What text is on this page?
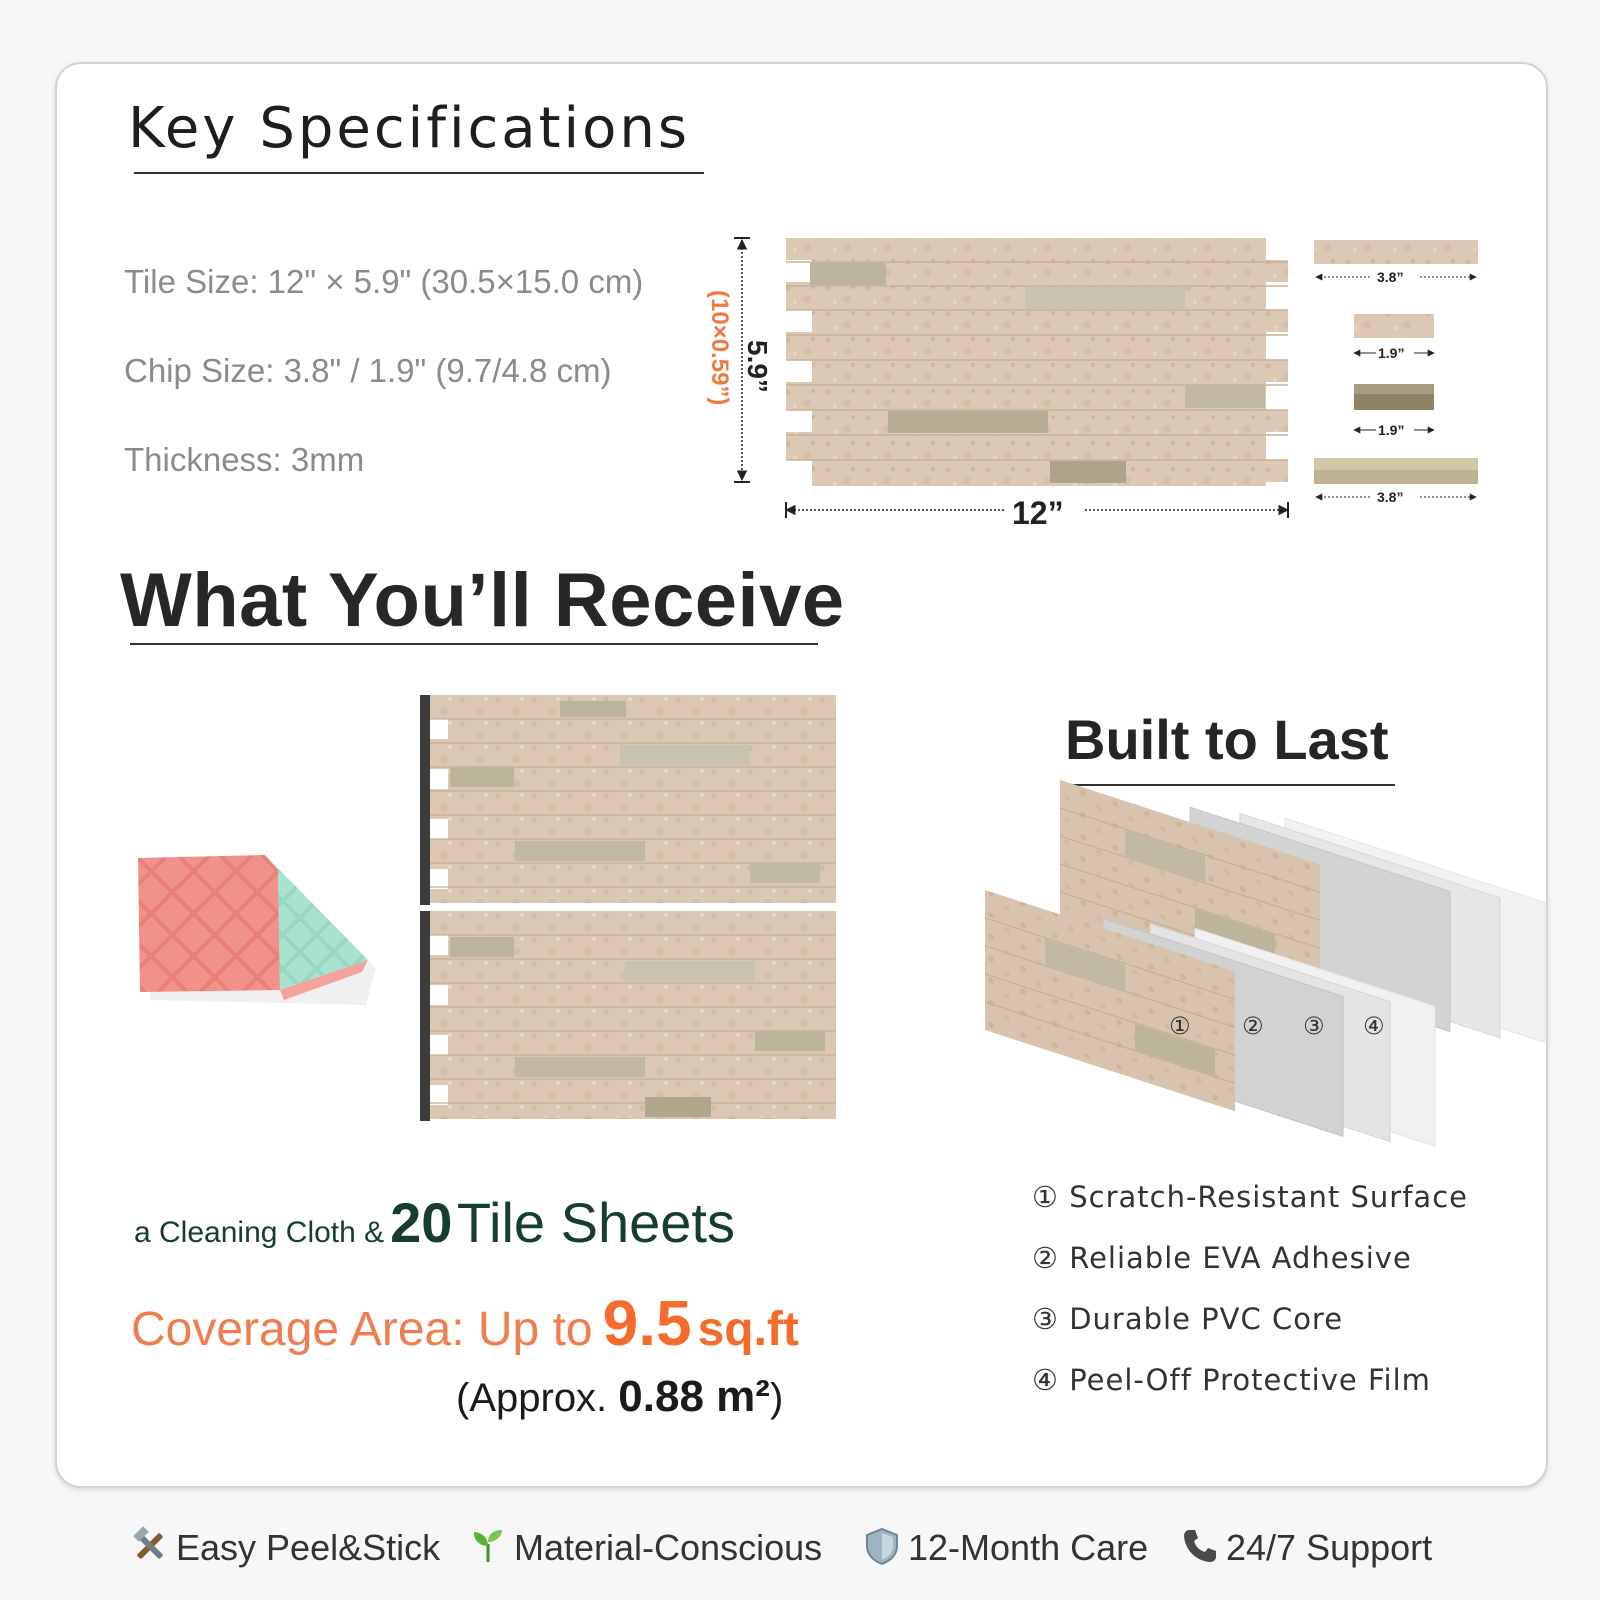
Key Specifications
Tile Size: 12" × 5.9" (30.5×15.0 cm)
Chip Size: 3.8" / 1.9" (9.7/4.8 cm)
Thickness: 3mm
5.9”
(10×0.59”)
12”
3.8”
1.9”
1.9”
3.8”
What You’ll Receive
a Cleaning Cloth & 20 Tile Sheets
Coverage Area: Up to 9.5 sq.ft
(Approx. 0.88 m²)
Built to Last
① ② ③ ④
① Scratch-Resistant Surface
② Reliable EVA Adhesive
③ Durable PVC Core
④ Peel-Off Protective Film
Easy Peel&Stick	Material-Conscious	12-Month Care	24/7 Support
